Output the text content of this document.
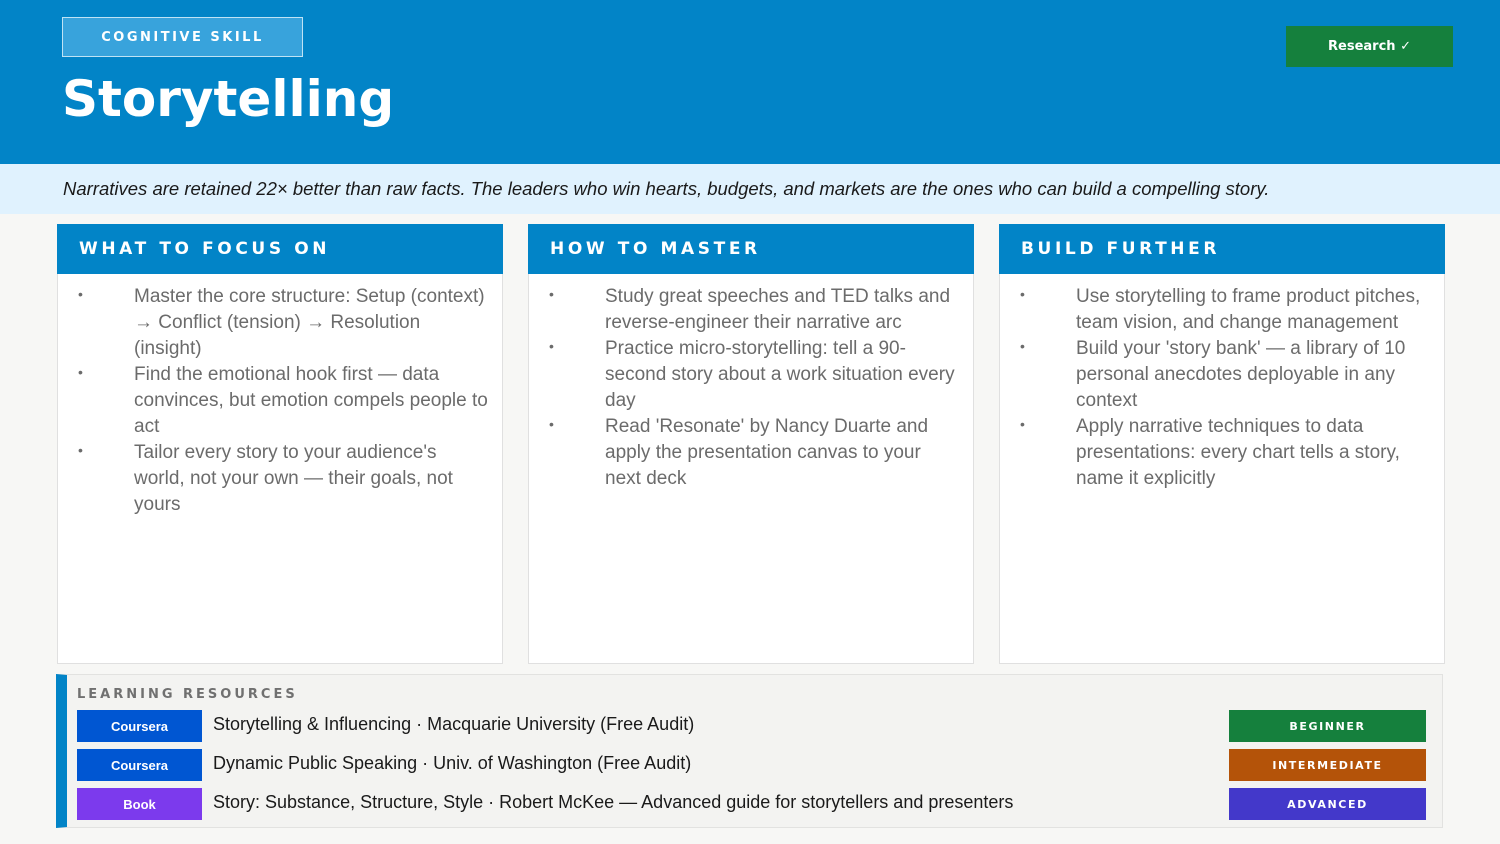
COGNITIVE SKILL
Storytelling
Research ✓
Narratives are retained 22× better than raw facts. The leaders who win hearts, budgets, and markets are the ones who can build a compelling story.
WHAT TO FOCUS ON
•	Master the core structure: Setup (context) → Conflict (tension) → Resolution (insight)
•	Find the emotional hook first — data convinces, but emotion compels people to act
•	Tailor every story to your audience's world, not your own — their goals, not yours
HOW TO MASTER
•	Study great speeches and TED talks and reverse-engineer their narrative arc
•	Practice micro-storytelling: tell a 90-second story about a work situation every day
•	Read 'Resonate' by Nancy Duarte and apply the presentation canvas to your next deck
BUILD FURTHER
•	Use storytelling to frame product pitches, team vision, and change management
•	Build your 'story bank' — a library of 10 personal anecdotes deployable in any context
•	Apply narrative techniques to data presentations: every chart tells a story, name it explicitly
LEARNING RESOURCES
Coursera	Storytelling & Influencing · Macquarie University (Free Audit)	BEGINNER
Coursera	Dynamic Public Speaking · Univ. of Washington (Free Audit)	INTERMEDIATE
Book	Story: Substance, Structure, Style · Robert McKee — Advanced guide for storytellers and presenters	ADVANCED
